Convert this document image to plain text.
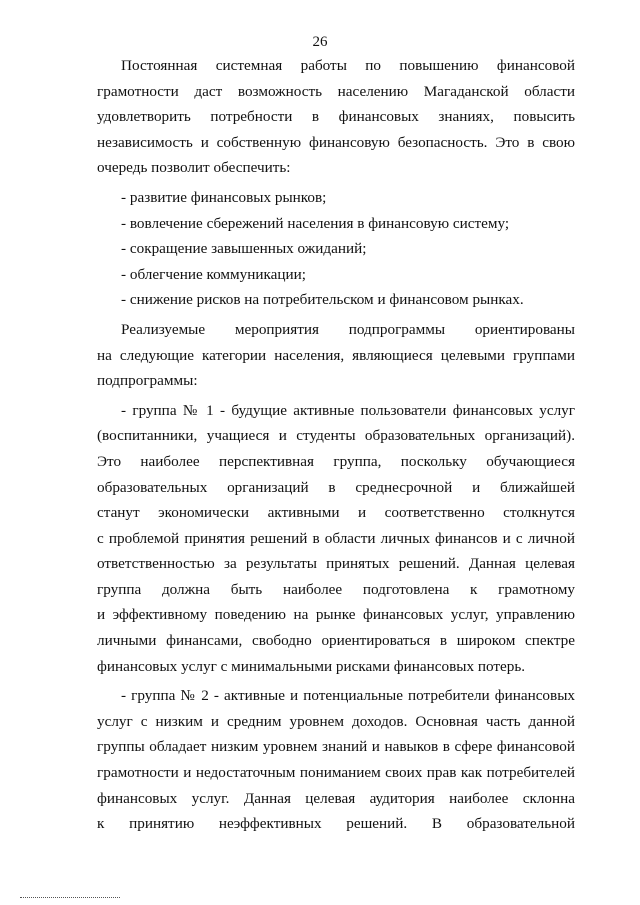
26
Постоянная системная работы по повышению финансовой
грамотности даст возможность населению Магаданской области
удовлетворить потребности в финансовых знаниях, повысить
независимость и собственную финансовую безопасность. Это в свою
очередь позволит обеспечить:
- развитие финансовых рынков;
- вовлечение сбережений населения в финансовую систему;
- сокращение завышенных ожиданий;
- облегчение коммуникации;
- снижение рисков на потребительском и финансовом рынках.
Реализуемые мероприятия подпрограммы ориентированы
на следующие категории населения, являющиеся целевыми группами
подпрограммы:
- группа № 1 - будущие активные пользователи финансовых услуг
(воспитанники, учащиеся и студенты образовательных организаций).
Это наиболее перспективная группа, поскольку обучающиеся
образовательных организаций в среднесрочной и ближайшей
станут экономически активными и соответственно столкнутся
с проблемой принятия решений в области личных финансов и с личной
ответственностью за результаты принятых решений. Данная целевая
группа должна быть наиболее подготовлена к грамотному
и эффективному поведению на рынке финансовых услуг, управлению
личными финансами, свободно ориентироваться в широком спектре
финансовых услуг с минимальными рисками финансовых потерь.
- группа № 2 - активные и потенциальные потребители финансовых
услуг с низким и средним уровнем доходов. Основная часть данной
группы обладает низким уровнем знаний и навыков в сфере финансовой
грамотности и недостаточным пониманием своих прав как потребителей
финансовых услуг. Данная целевая аудитория наиболее склонна
к принятию неэффективных решений. В образовательной
